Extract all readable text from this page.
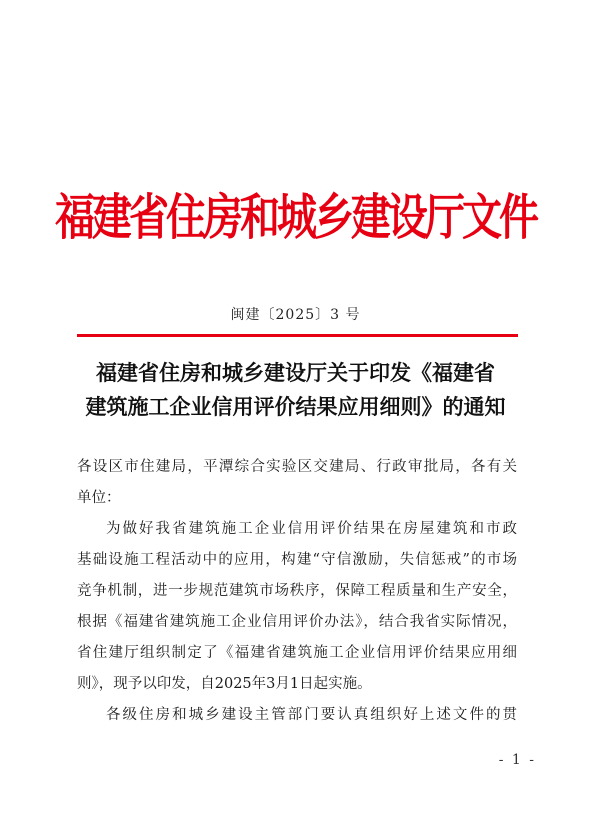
福建省住房和城乡建设厅文件
闽建〔2025〕3 号
福建省住房和城乡建设厅关于印发《福建省
建筑施工企业信用评价结果应用细则》的通知

各设区市住建局，平潭综合实验区交建局、行政审批局，各有关

单位：

为做好我省建筑施工企业信用评价结果在房屋建筑和市政

基础设施工程活动中的应用，构建“守信激励，失信惩戒”的市场

竞争机制，进一步规范建筑市场秩序，保障工程质量和生产安全，

根据《福建省建筑施工企业信用评价办法》，结合我省实际情况，

省住建厅组织制定了《福建省建筑施工企业信用评价结果应用细

则》，现予以印发，自2025年3月1日起实施。

各级住房和城乡建设主管部门要认真组织好上述文件的贯

- 1 -
